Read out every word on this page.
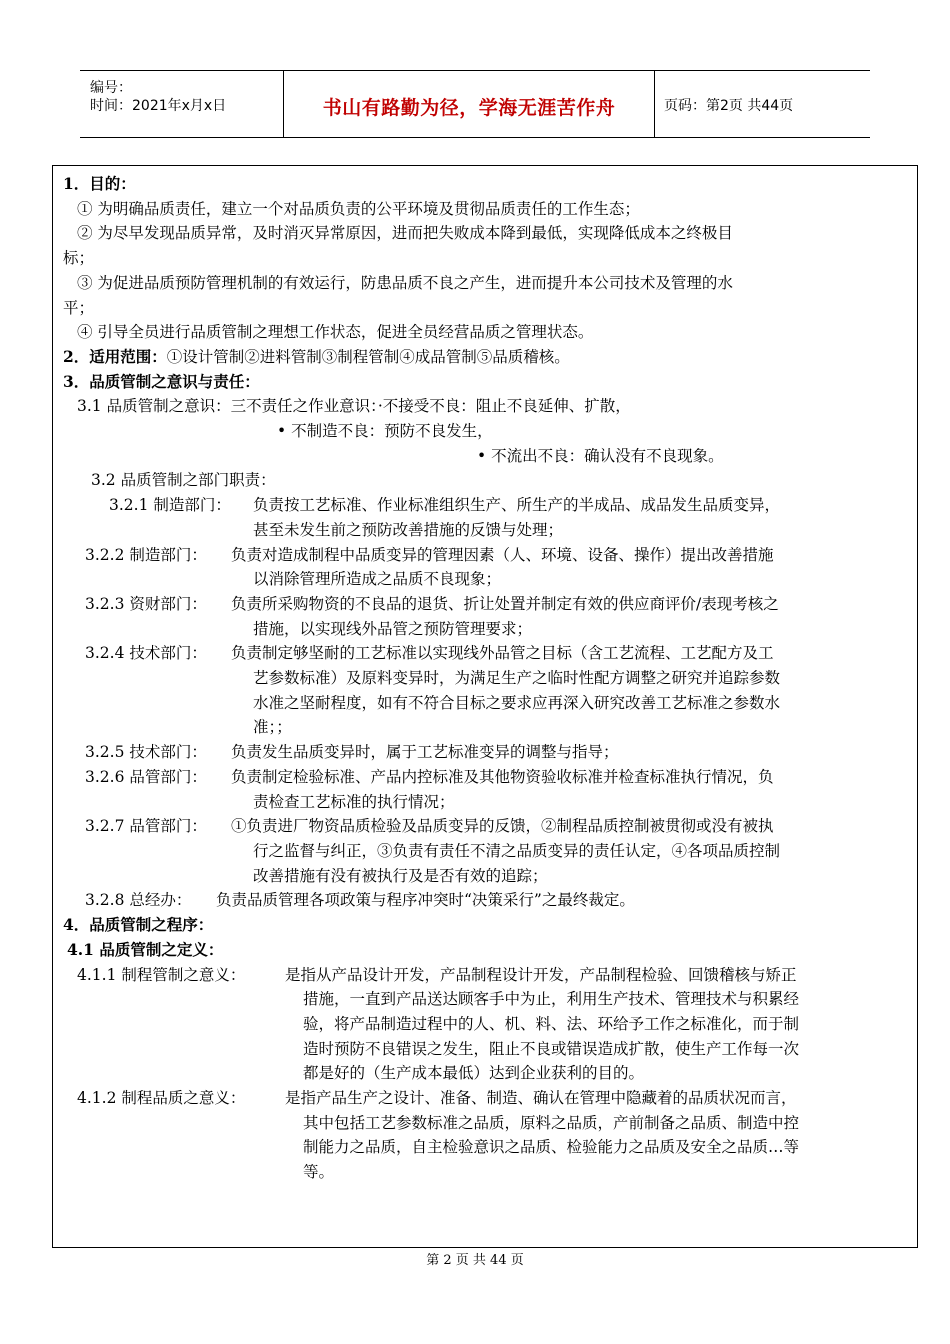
编号：
时间：2021年x月x日	书山有路勤为径，学海无涯苦作舟	页码：第2页 共44页
1．目的：
① 为明确品质责任，建立一个对品质负责的公平环境及贯彻品质责任的工作生态；
② 为尽早发现品质异常，及时消灭异常原因，进而把失败成本降到最低，实现降低成本之终极目
标；
③ 为促进品质预防管理机制的有效运行，防患品质不良之产生，进而提升本公司技术及管理的水
平；
④ 引导全员进行品质管制之理想工作状态，促进全员经营品质之管理状态。
2．适用范围：①设计管制②进料管制③制程管制④成品管制⑤品质稽核。
3．品质管制之意识与责任：
3.1 品质管制之意识：三不责任之作业意识：·不接受不良：阻止不良延伸、扩散，
• 不制造不良：预防不良发生，
• 不流出不良：确认没有不良现象。
3.2 品质管制之部门职责：
3.2.1 制造部门： 负责按工艺标准、作业标准组织生产、所生产的半成品、成品发生品质变异，
甚至未发生前之预防改善措施的反馈与处理；
3.2.2 制造部门： 负责对造成制程中品质变异的管理因素（人、环境、设备、操作）提出改善措施
以消除管理所造成之品质不良现象；
3.2.3 资财部门： 负责所采购物资的不良品的退货、折让处置并制定有效的供应商评价/表现考核之
措施，以实现线外品管之预防管理要求；
3.2.4 技术部门： 负责制定够坚耐的工艺标准以实现线外品管之目标（含工艺流程、工艺配方及工
艺参数标准）及原料变异时，为满足生产之临时性配方调整之研究并追踪参数
水准之坚耐程度，如有不符合目标之要求应再深入研究改善工艺标准之参数水
准；；
3.2.5 技术部门： 负责发生品质变异时，属于工艺标准变异的调整与指导；
3.2.6 品管部门： 负责制定检验标准、产品内控标准及其他物资验收标准并检查标准执行情况，负
责检查工艺标准的执行情况；
3.2.7 品管部门： ①负责进厂物资品质检验及品质变异的反馈，②制程品质控制被贯彻或没有被执
行之监督与纠正，③负责有责任不清之品质变异的责任认定，④各项品质控制
改善措施有没有被执行及是否有效的追踪；
3.2.8 总经办： 负责品质管理各项政策与程序冲突时“决策采行”之最终裁定。
4．品质管制之程序：
4.1 品质管制之定义：
4.1.1 制程管制之意义：	是指从产品设计开发，产品制程设计开发，产品制程检验、回馈稽核与矫正
措施，一直到产品送达顾客手中为止，利用生产技术、管理技术与积累经
验，将产品制造过程中的人、机、料、法、环给予工作之标准化，而于制
造时预防不良错误之发生，阻止不良或错误造成扩散，使生产工作每一次
都是好的（生产成本最低）达到企业获利的目的。
4.1.2 制程品质之意义：	是指产品生产之设计、准备、制造、确认在管理中隐藏着的品质状况而言，
其中包括工艺参数标准之品质，原料之品质，产前制备之品质、制造中控
制能力之品质，自主检验意识之品质、检验能力之品质及安全之品质…等
等。
第 2 页 共 44 页
